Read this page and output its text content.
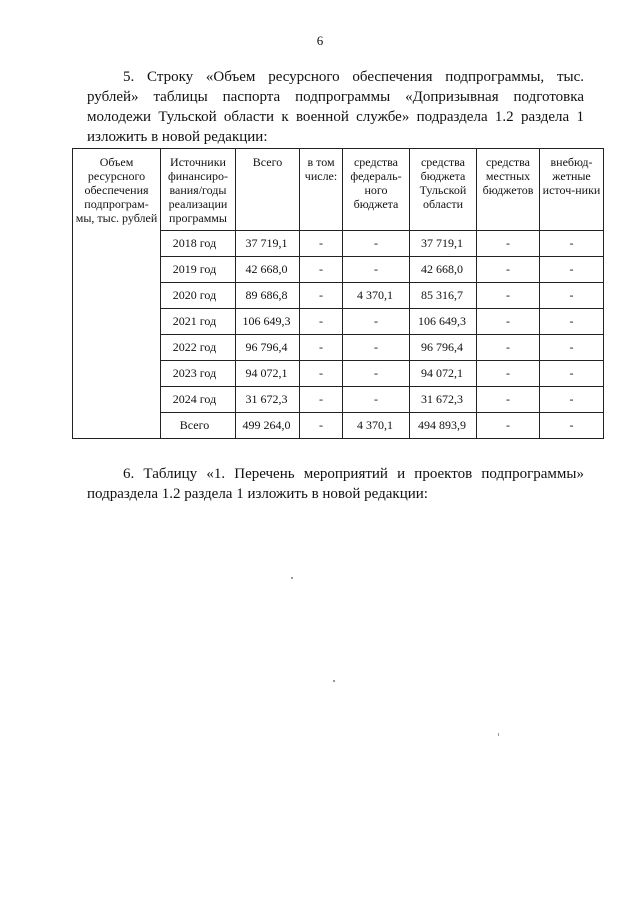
6

5. Строку «Объем ресурсного обеспечения подпрограммы, тыс. рублей» таблицы паспорта подпрограммы «Допризывная подготовка молодежи Тульской области к военной службе» подраздела 1.2 раздела 1 изложить в новой редакции:

Объем ресурсного обеспечения подпрограм-мы, тыс. рублей	Источники финансиро-вания/годы реализации программы	Всего	в том числе:	средства федераль-ного бюджета	средства бюджета Тульской области	средства местных бюджетов	внебюд-жетные источ-ники
	2018 год	37 719,1	-	-	37 719,1	-	-
	2019 год	42 668,0	-	-	42 668,0	-	-
	2020 год	89 686,8	-	4 370,1	85 316,7	-	-
	2021 год	106 649,3	-	-	106 649,3	-	-
	2022 год	96 796,4	-	-	96 796,4	-	-
	2023 год	94 072,1	-	-	94 072,1	-	-
	2024 год	31 672,3	-	-	31 672,3	-	-
	Всего	499 264,0	-	4 370,1	494 893,9	-	-

6. Таблицу «1. Перечень мероприятий и проектов подпрограммы» подраздела 1.2 раздела 1 изложить в новой редакции:
